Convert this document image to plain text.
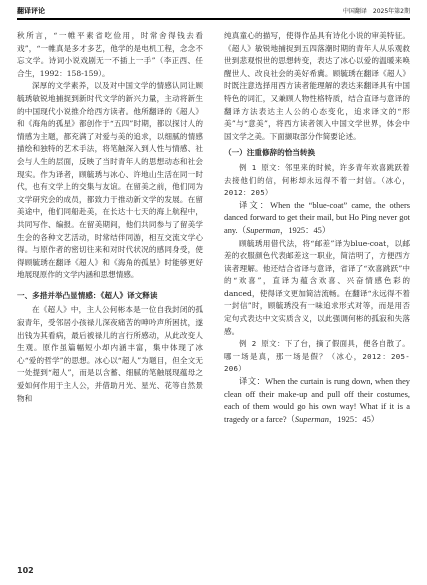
翻译评论	中国翻译　2025年第2期

秋所言，“一帷平素省吃俭用，时常舍得钱去看戏”，“一帷真是多才多艺，他学的是电机工程，念念不忘文学。诗词小说戏剧无一不插上一手”（李正西、任合生，1992：158-159）。

深厚的文学素养，以及对中国文学的情感认同让顾毓琇敏锐地捕捉到新时代文学的新兴力量，主动将新生的中国现代小说推介给西方读者。他所翻译的《超人》和《海角的孤星》都创作于“五四”时期，都以探讨人的情感为主题，都充满了对爱与美的追求，以细腻的情感描绘和独特的艺术手法，将笔触深入到人性与情感、社会与人生的层面，反映了当时青年人的思想动态和社会现实。作为译者，顾毓琇与冰心、许地山生活在同一时代，也有文学上的交集与友谊。在留美之前，他们同为文学研究会的成员，都致力于推动新文学的发展。在留美途中，他们同船赴美，在长达十七天的海上航程中，共同写作、编报。在留美期间，他们共同参与了留美学生会的各种文艺活动，时常结伴同游，相互交流文学心得。与原作者的密切往来和对时代状况的感同身受，使得顾毓琇在翻译《超人》和《海角的孤星》时能够更好地展现原作的文学内涵和思想情感。

一、多措并举凸显情感：《超人》译文释读

在《超人》中，主人公何彬本是一位自我封闭的孤寂青年，受邻居小孩禄儿深夜痛苦的呻吟声所困扰，遂出钱为其看病，最后被禄儿的言行所感动，从此改变人生观。原作虽篇幅短小却内涵丰富，集中体现了冰心“爱的哲学”的思想。冰心以“超人”为题目，但全文无一处提到“超人”，而是以含蓄、细腻的笔触展现蕴母之爱如何作用于主人公，并借助月光、星光、花等自然景物和

纯真童心的描写，使得作品具有诗化小说的审美特征。《超人》敏锐地捕捉到五四落潮时期的青年人从乐观救世到悲观恨世的思想转变，表达了冰心以爱的温暖来唤醒世人、改良社会的美好希冀。顾毓琇在翻译《超人》时既注意选择用西方读者能理解的表达来翻译具有中国特色的词汇，又兼顾人物性格特质，结合直译与意译的翻译方法表达主人公的心态变化，追求译文的“形美”与“意美”，将西方读者领入中国文学世界，体会中国文学之美。下面撷取部分作简要论述。

（一）注重修辞的恰当转换

例 1 原文：邻里来的时候，许多青年欢喜跳跃着去接他们的信，何彬却永远得不着一封信。（冰心，2012：205）

译文：When the “blue-coat” came, the others danced forward to get their mail, but Ho Ping never got any.（Superman，1925：45）

顾毓琇用借代法，将“邮差”译为blue-coat，以邮差的衣服颜色代表邮差这一职业，简洁明了，方便西方读者理解。他还结合省译与意译，省译了“欢喜跳跃”中的“欢喜”，直译为蕴含欢喜、兴奋情感色彩的danced，使得译文更加简洁流畅。在翻译“永远得不着一封信”时，顾毓琇没有一味追求形式对等，而是用否定句式表达中文实质含义，以此强调何彬的孤寂和失落感。

例 2 原文：下了台，摘了假面具，便各自散了。哪一场是真，那一场是假？（冰心，2012：205-206）

译文：When the curtain is rung down, when they clean off their make-up and pull off their costumes, each of them would go his own way! What if it is a tragedy or a farce?（Superman，1925：45）

102
